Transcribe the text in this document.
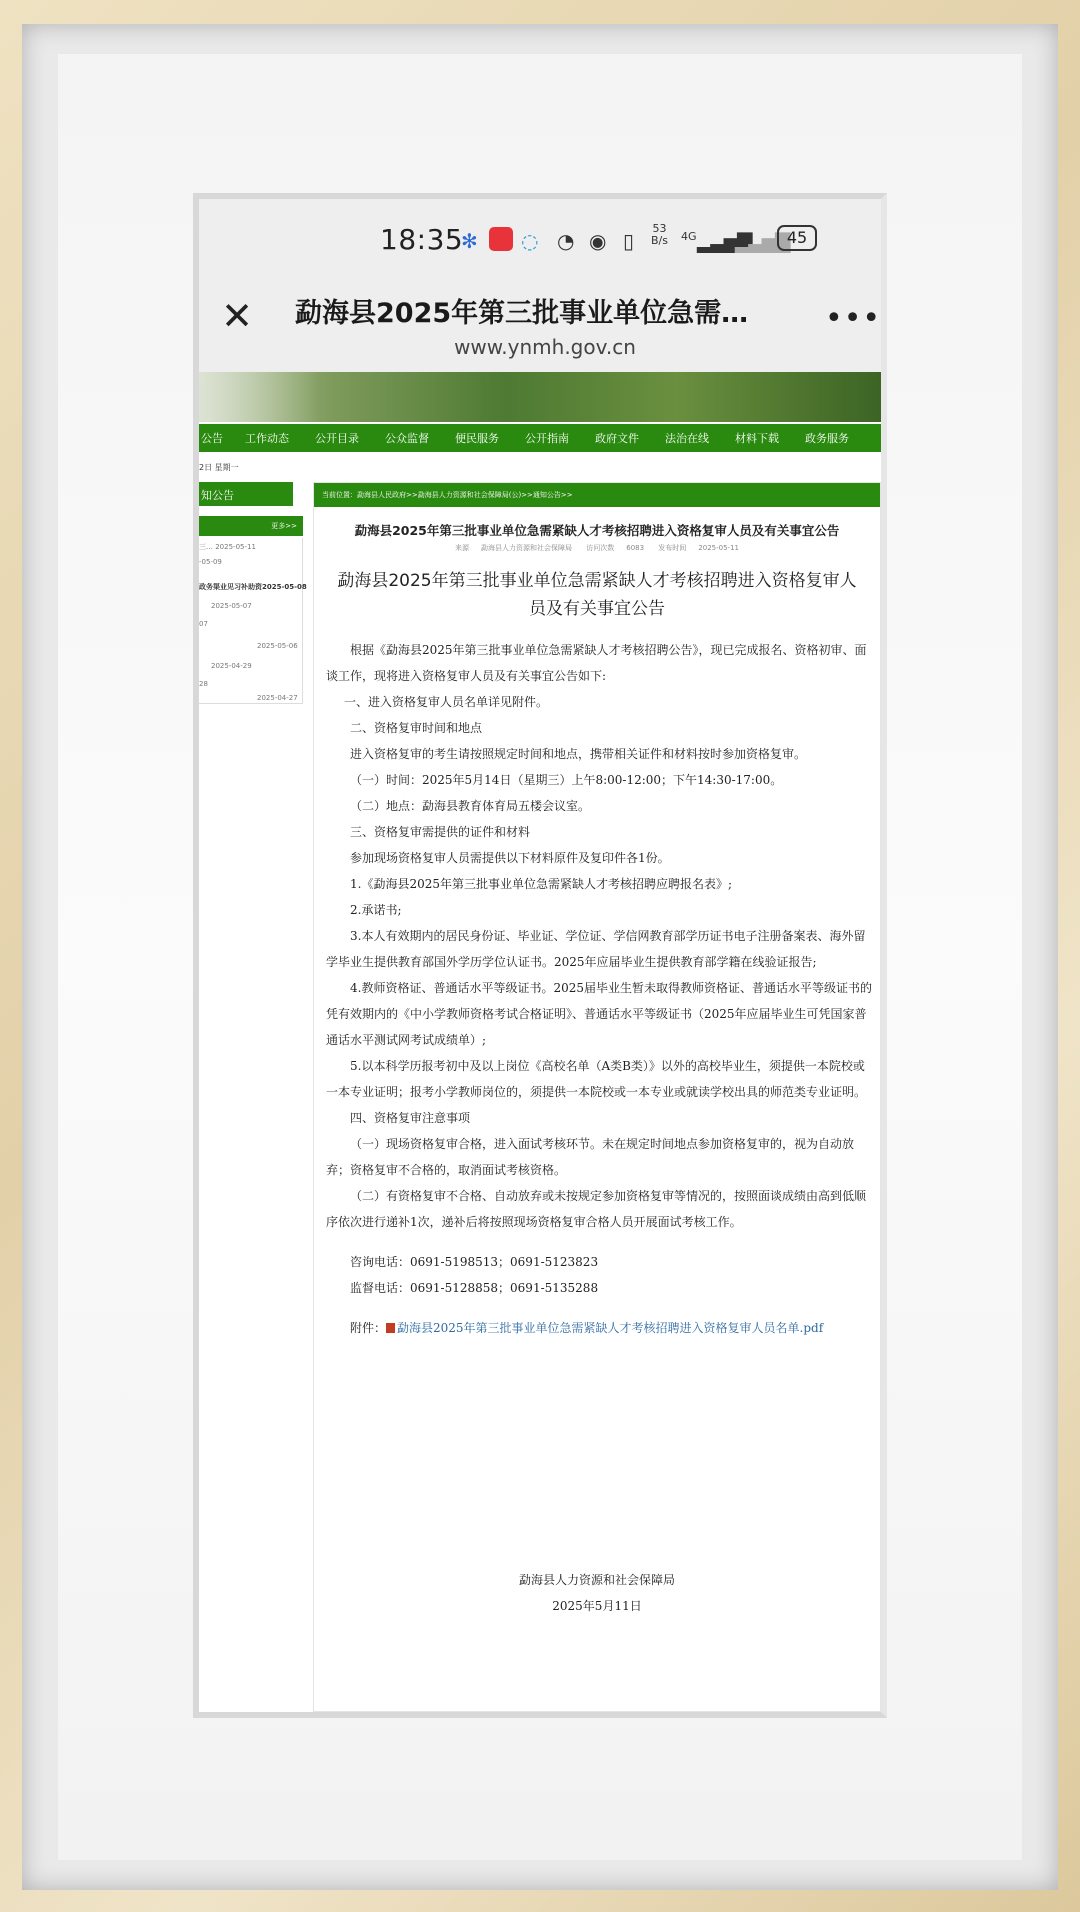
18:35
✻ ◌ ◔ ◉ ▯
53
B/s 4G ▂▃▅▇
▂▃▅▇
45
✕ 勐海县2025年第三批事业单位急需…
www.ynmh.gov.cn
•••
公告 工作动态 公开目录 公众监督 便民服务 公开指南 政府文件 法治在线 材料下载 政务服务
2日 星期一
知公告
更多>>
三… 2025-05-11
-05-09
政务渠业见习补助资2025-05-08
2025-05-07
07
2025-05-06
2025-04-29
28
2025-04-27
当前位置：勐海县人民政府>>勐海县人力资源和社会保障局(公)>>通知公告>>
勐海县2025年第三批事业单位急需紧缺人才考核招聘进入资格复审人员及有关事宜公告
来源 勐海县人力资源和社会保障局 访问次数 6083 发布时间 2025-05-11
勐海县2025年第三批事业单位急需紧缺人才考核招聘进入资格复审人员及有关事宜公告

根据《勐海县2025年第三批事业单位急需紧缺人才考核招聘公告》，现已完成报名、资格初审、面谈工作，现将进入资格复审人员及有关事宜公告如下:

一、进入资格复审人员名单详见附件。

二、资格复审时间和地点

进入资格复审的考生请按照规定时间和地点，携带相关证件和材料按时参加资格复审。

（一）时间：2025年5月14日（星期三）上午8:00-12:00；下午14:30-17:00。

（二）地点：勐海县教育体育局五楼会议室。

三、资格复审需提供的证件和材料

参加现场资格复审人员需提供以下材料原件及复印件各1份。

1.《勐海县2025年第三批事业单位急需紧缺人才考核招聘应聘报名表》;

2.承诺书;

3.本人有效期内的居民身份证、毕业证、学位证、学信网教育部学历证书电子注册备案表、海外留学毕业生提供教育部国外学历学位认证书。2025年应届毕业生提供教育部学籍在线验证报告;

4.教师资格证、普通话水平等级证书。2025届毕业生暂未取得教师资格证、普通话水平等级证书的凭有效期内的《中小学教师资格考试合格证明》、普通话水平等级证书（2025年应届毕业生可凭国家普通话水平测试网考试成绩单）;

5.以本科学历报考初中及以上岗位《高校名单（A类B类）》以外的高校毕业生，须提供一本院校或一本专业证明；报考小学教师岗位的，须提供一本院校或一本专业或就读学校出具的师范类专业证明。

四、资格复审注意事项

（一）现场资格复审合格，进入面试考核环节。未在规定时间地点参加资格复审的，视为自动放弃；资格复审不合格的，取消面试考核资格。

（二）有资格复审不合格、自动放弃或未按规定参加资格复审等情况的，按照面谈成绩由高到低顺序依次进行递补1次，递补后将按照现场资格复审合格人员开展面试考核工作。

咨询电话：0691-5198513；0691-5123823

监督电话：0691-5128858；0691-5135288

附件： 勐海县2025年第三批事业单位急需紧缺人才考核招聘进入资格复审人员名单.pdf

勐海县人力资源和社会保障局
2025年5月11日
